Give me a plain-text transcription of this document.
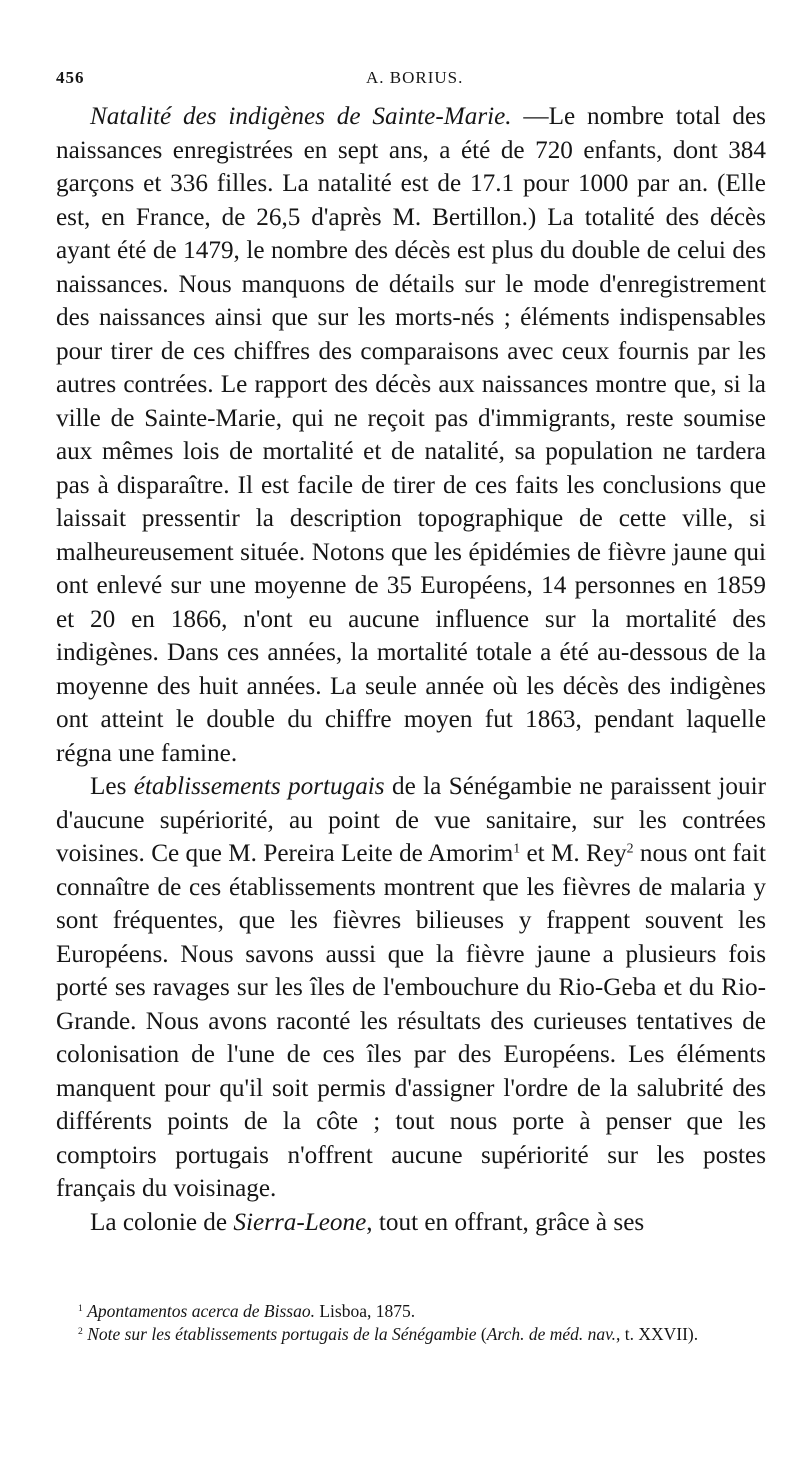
456	A. BORIUS.

Natalité des indigènes de Sainte-Marie. —Le nombre total des naissances enregistrées en sept ans, a été de 720 enfants, dont 384 garçons et 336 filles. La natalité est de 17.1 pour 1000 par an. (Elle est, en France, de 26,5 d'après M. Bertillon.) La totalité des décès ayant été de 1479, le nombre des décès est plus du double de celui des naissances. Nous manquons de détails sur le mode d'enregistrement des naissances ainsi que sur les morts-nés ; éléments indispensables pour tirer de ces chiffres des comparaisons avec ceux fournis par les autres contrées. Le rapport des décès aux naissances montre que, si la ville de Sainte-Marie, qui ne reçoit pas d'immigrants, reste soumise aux mêmes lois de mortalité et de natalité, sa population ne tardera pas à disparaître. Il est facile de tirer de ces faits les conclusions que laissait pressentir la description topographique de cette ville, si malheureusement située. Notons que les épidémies de fièvre jaune qui ont enlevé sur une moyenne de 35 Européens, 14 personnes en 1859 et 20 en 1866, n'ont eu aucune influence sur la mortalité des indigènes. Dans ces années, la mortalité totale a été au-dessous de la moyenne des huit années. La seule année où les décès des indigènes ont atteint le double du chiffre moyen fut 1863, pendant laquelle régna une famine.

Les établissements portugais de la Sénégambie ne paraissent jouir d'aucune supériorité, au point de vue sanitaire, sur les contrées voisines. Ce que M. Pereira Leite de Amorim$^1$ et M. Rey$^2$ nous ont fait connaître de ces établissements montrent que les fièvres de malaria y sont fréquentes, que les fièvres bilieuses y frappent souvent les Européens. Nous savons aussi que la fièvre jaune a plusieurs fois porté ses ravages sur les îles de l'embouchure du Rio-Geba et du Rio-Grande. Nous avons raconté les résultats des curieuses tentatives de colonisation de l'une de ces îles par des Européens. Les éléments manquent pour qu'il soit permis d'assigner l'ordre de la salubrité des différents points de la côte ; tout nous porte à penser que les comptoirs portugais n'offrent aucune supériorité sur les postes français du voisinage.

La colonie de Sierra-Leone, tout en offrant, grâce à ses

$^1$ Apontamentos acerca de Bissao. Lisboa, 1875.

$^2$ Note sur les établissements portugais de la Sénégambie (Arch. de méd. nav., t. XXVII).
